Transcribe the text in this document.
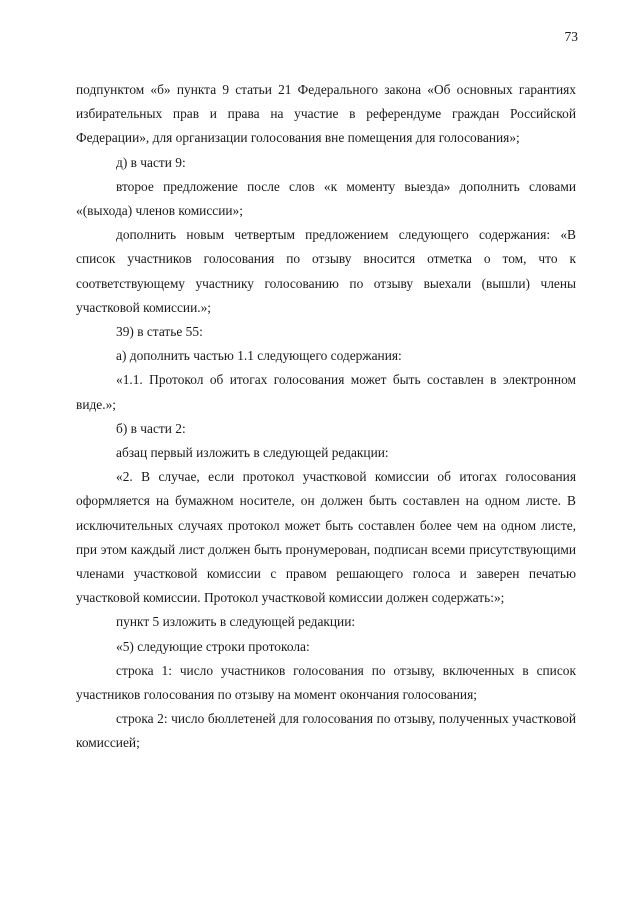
73

подпунктом «б» пункта 9 статьи 21 Федерального закона «Об основных гарантиях избирательных прав и права на участие в референдуме граждан Российской Федерации», для организации голосования вне помещения для голосования»;

д) в части 9:

второе предложение после слов «к моменту выезда» дополнить словами «(выхода) членов комиссии»;

дополнить новым четвертым предложением следующего содержания: «В список участников голосования по отзыву вносится отметка о том, что к соответствующему участнику голосованию по отзыву выехали (вышли) члены участковой комиссии.»;

39) в статье 55:

а) дополнить частью 1.1 следующего содержания:

«1.1. Протокол об итогах голосования может быть составлен в электронном виде.»;

б) в части 2:

абзац первый изложить в следующей редакции:

«2. В случае, если протокол участковой комиссии об итогах голосования оформляется на бумажном носителе, он должен быть составлен на одном листе. В исключительных случаях протокол может быть составлен более чем на одном листе, при этом каждый лист должен быть пронумерован, подписан всеми присутствующими членами участковой комиссии с правом решающего голоса и заверен печатью участковой комиссии. Протокол участковой комиссии должен содержать:»;

пункт 5 изложить в следующей редакции:

«5) следующие строки протокола:

строка 1: число участников голосования по отзыву, включенных в список участников голосования по отзыву на момент окончания голосования;

строка 2: число бюллетеней для голосования по отзыву, полученных участковой комиссией;
